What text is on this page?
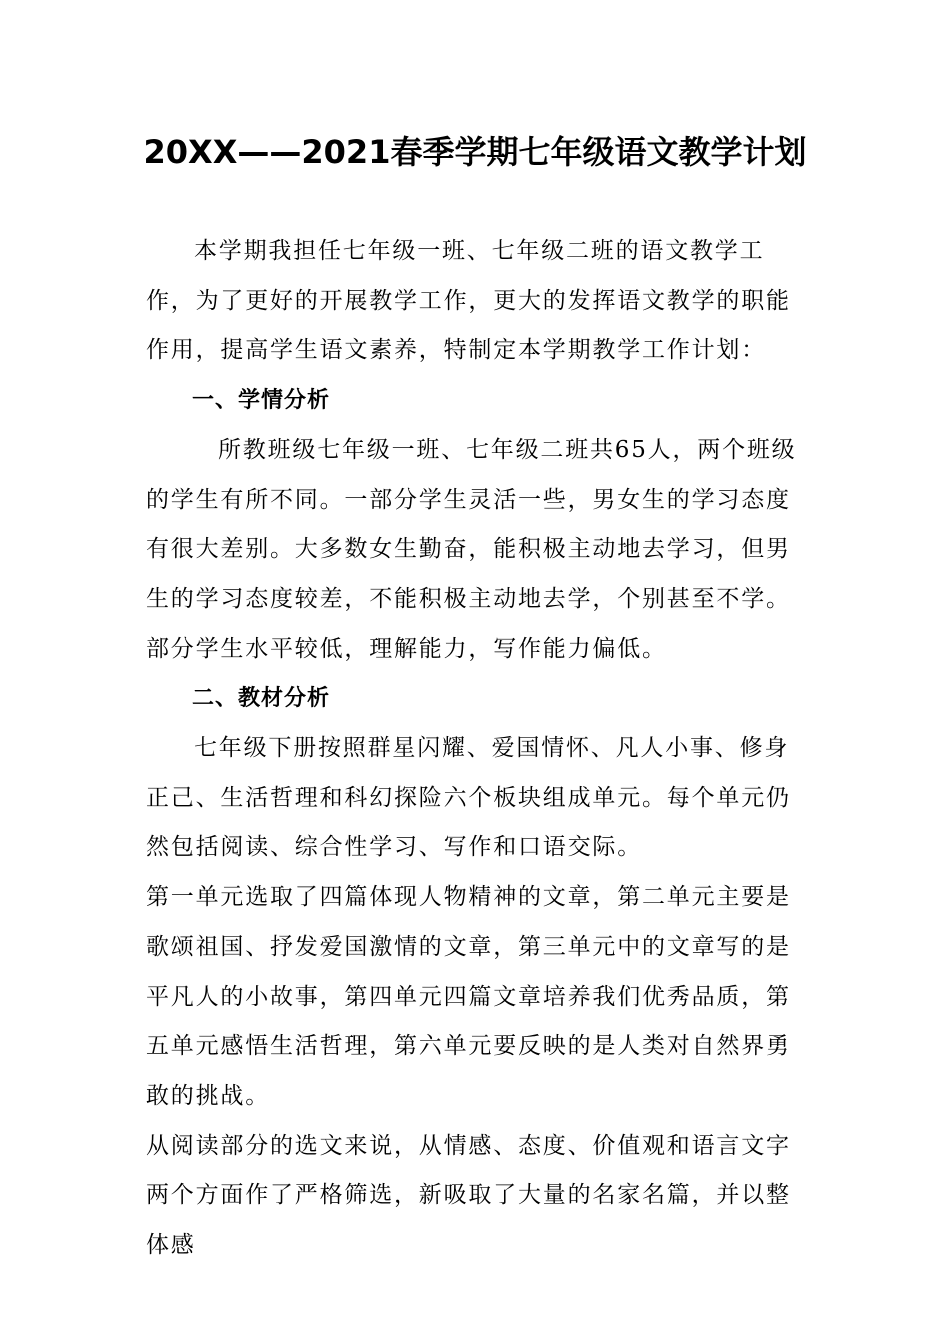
20XX——2021春季学期七年级语文教学计划

本学期我担任七年级一班、七年级二班的语文教学工作，为了更好的开展教学工作，更大的发挥语文教学的职能作用，提高学生语文素养，特制定本学期教学工作计划：

一、学情分析

所教班级七年级一班、七年级二班共65人，两个班级的学生有所不同。一部分学生灵活一些，男女生的学习态度有很大差别。大多数女生勤奋，能积极主动地去学习，但男生的学习态度较差，不能积极主动地去学，个别甚至不学。部分学生水平较低，理解能力，写作能力偏低。

二、教材分析

七年级下册按照群星闪耀、爱国情怀、凡人小事、修身正己、生活哲理和科幻探险六个板块组成单元。每个单元仍然包括阅读、综合性学习、写作和口语交际。

第一单元选取了四篇体现人物精神的文章，第二单元主要是歌颂祖国、抒发爱国激情的文章，第三单元中的文章写的是平凡人的小故事，第四单元四篇文章培养我们优秀品质，第五单元感悟生活哲理，第六单元要反映的是人类对自然界勇敢的挑战。

从阅读部分的选文来说，从情感、态度、价值观和语言文字两个方面作了严格筛选，新吸取了大量的名家名篇，并以整体感
